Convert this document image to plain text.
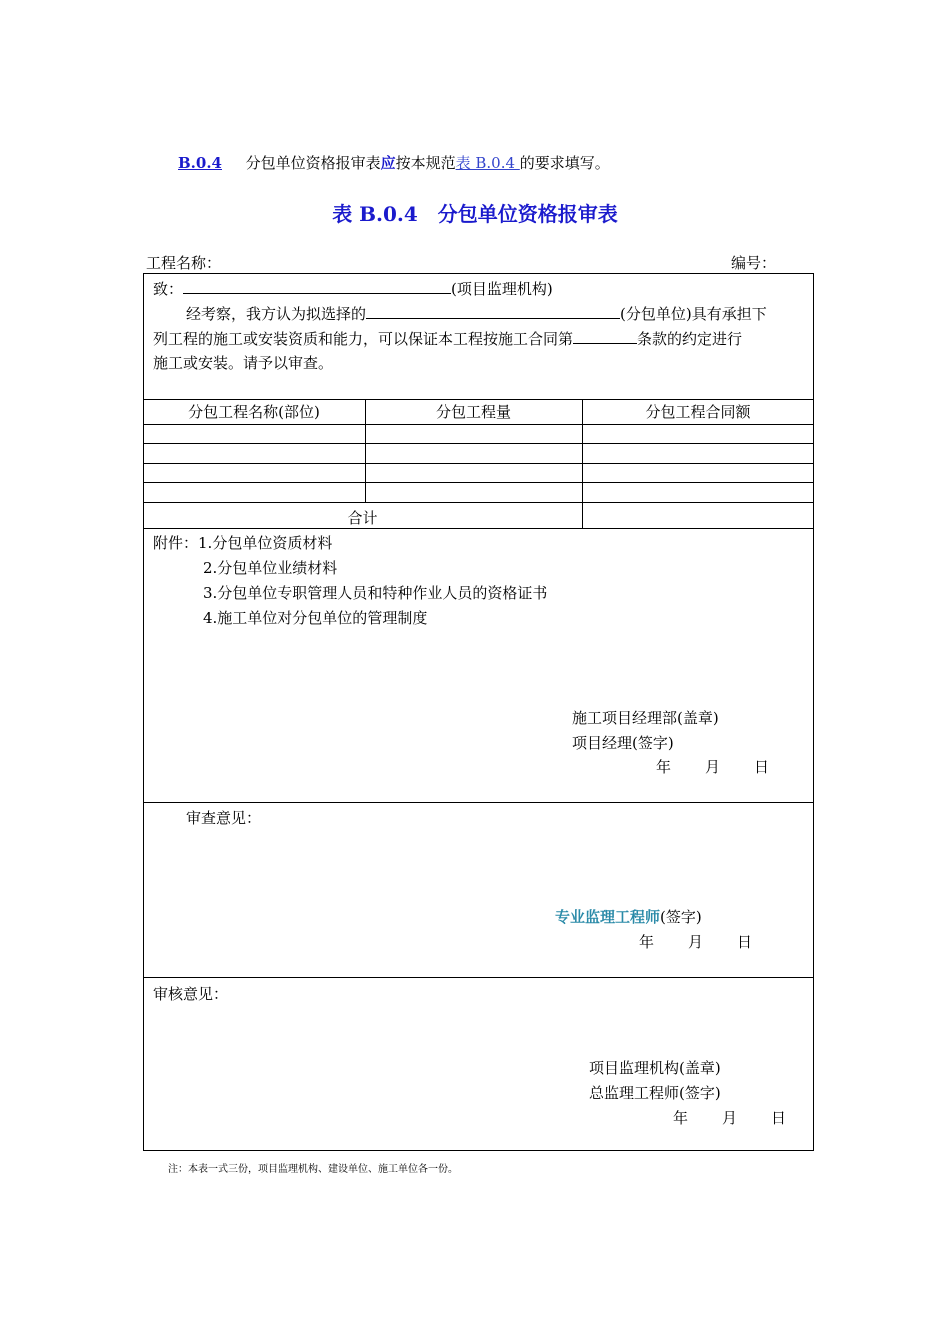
B.0.4 分包单位资格报审表应按本规范表 B.0.4 的要求填写。
表 B.0.4　分包单位资格报审表
工程名称：	编号：
致：	(项目监理机构)
经考察，我方认为拟选择的	(分包单位)具有承担下
列工程的施工或安装资质和能力，可以保证本工程按施工合同第	条款的约定进行
施工或安装。请予以审查。
分包工程名称(部位)	分包工程量	分包工程合同额
合计
附件：1.分包单位资质材料
2.分包单位业绩材料
3.分包单位专职管理人员和特种作业人员的资格证书
4.施工单位对分包单位的管理制度
施工项目经理部(盖章)
项目经理(签字)
年 月 日
审查意见：
专业监理工程师(签字)
年 月 日
审核意见：
项目监理机构(盖章)
总监理工程师(签字)
年 月 日
注：本表一式三份，项目监理机构、建设单位、施工单位各一份。
